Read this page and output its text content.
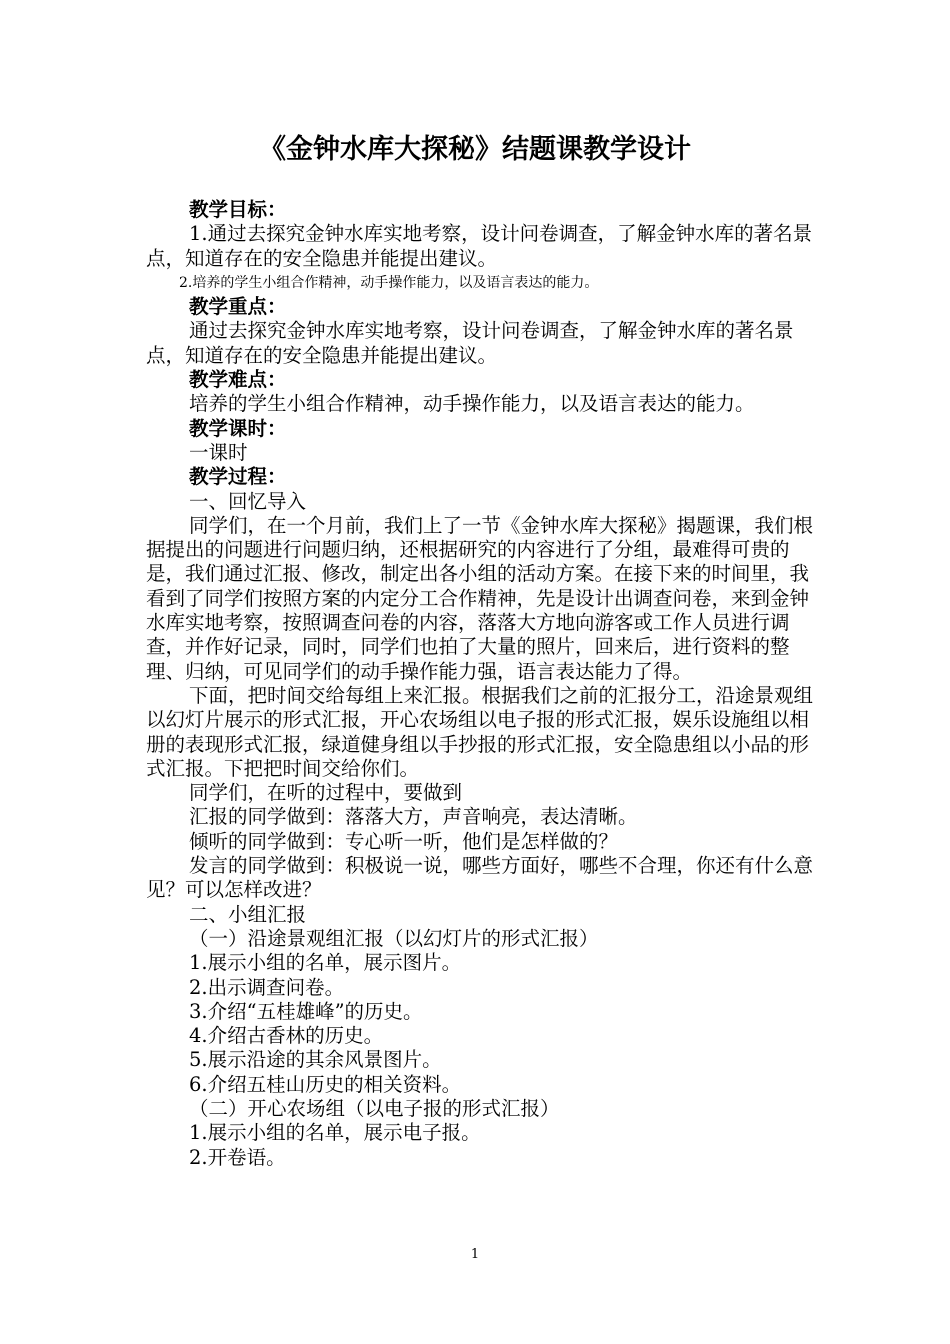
《金钟水库大探秘》结题课教学设计

教学目标：

1.通过去探究金钟水库实地考察，设计问卷调查，了解金钟水库的著名景点，知道存在的安全隐患并能提出建议。

2.培养的学生小组合作精神，动手操作能力，以及语言表达的能力。

教学重点：

通过去探究金钟水库实地考察，设计问卷调查，了解金钟水库的著名景点，知道存在的安全隐患并能提出建议。

教学难点：

培养的学生小组合作精神，动手操作能力，以及语言表达的能力。

教学课时：

一课时

教学过程：

一、回忆导入

同学们，在一个月前，我们上了一节《金钟水库大探秘》揭题课，我们根据提出的问题进行问题归纳，还根据研究的内容进行了分组，最难得可贵的是，我们通过汇报、修改，制定出各小组的活动方案。在接下来的时间里，我看到了同学们按照方案的内定分工合作精神，先是设计出调查问卷，来到金钟水库实地考察，按照调查问卷的内容，落落大方地向游客或工作人员进行调查，并作好记录，同时，同学们也拍了大量的照片，回来后，进行资料的整理、归纳，可见同学们的动手操作能力强，语言表达能力了得。

下面，把时间交给每组上来汇报。根据我们之前的汇报分工，沿途景观组以幻灯片展示的形式汇报，开心农场组以电子报的形式汇报，娱乐设施组以相册的表现形式汇报，绿道健身组以手抄报的形式汇报，安全隐患组以小品的形式汇报。下把把时间交给你们。

同学们，在听的过程中，要做到

汇报的同学做到：落落大方，声音响亮，表达清晰。

倾听的同学做到：专心听一听，他们是怎样做的？

发言的同学做到：积极说一说，哪些方面好，哪些不合理，你还有什么意见？可以怎样改进？

二、小组汇报

（一）沿途景观组汇报（以幻灯片的形式汇报）

1.展示小组的名单，展示图片。

2.出示调查问卷。

3.介绍“五桂雄峰”的历史。

4.介绍古香林的历史。

5.展示沿途的其余风景图片。

6.介绍五桂山历史的相关资料。

（二）开心农场组（以电子报的形式汇报）

1.展示小组的名单，展示电子报。

2.开卷语。

1
